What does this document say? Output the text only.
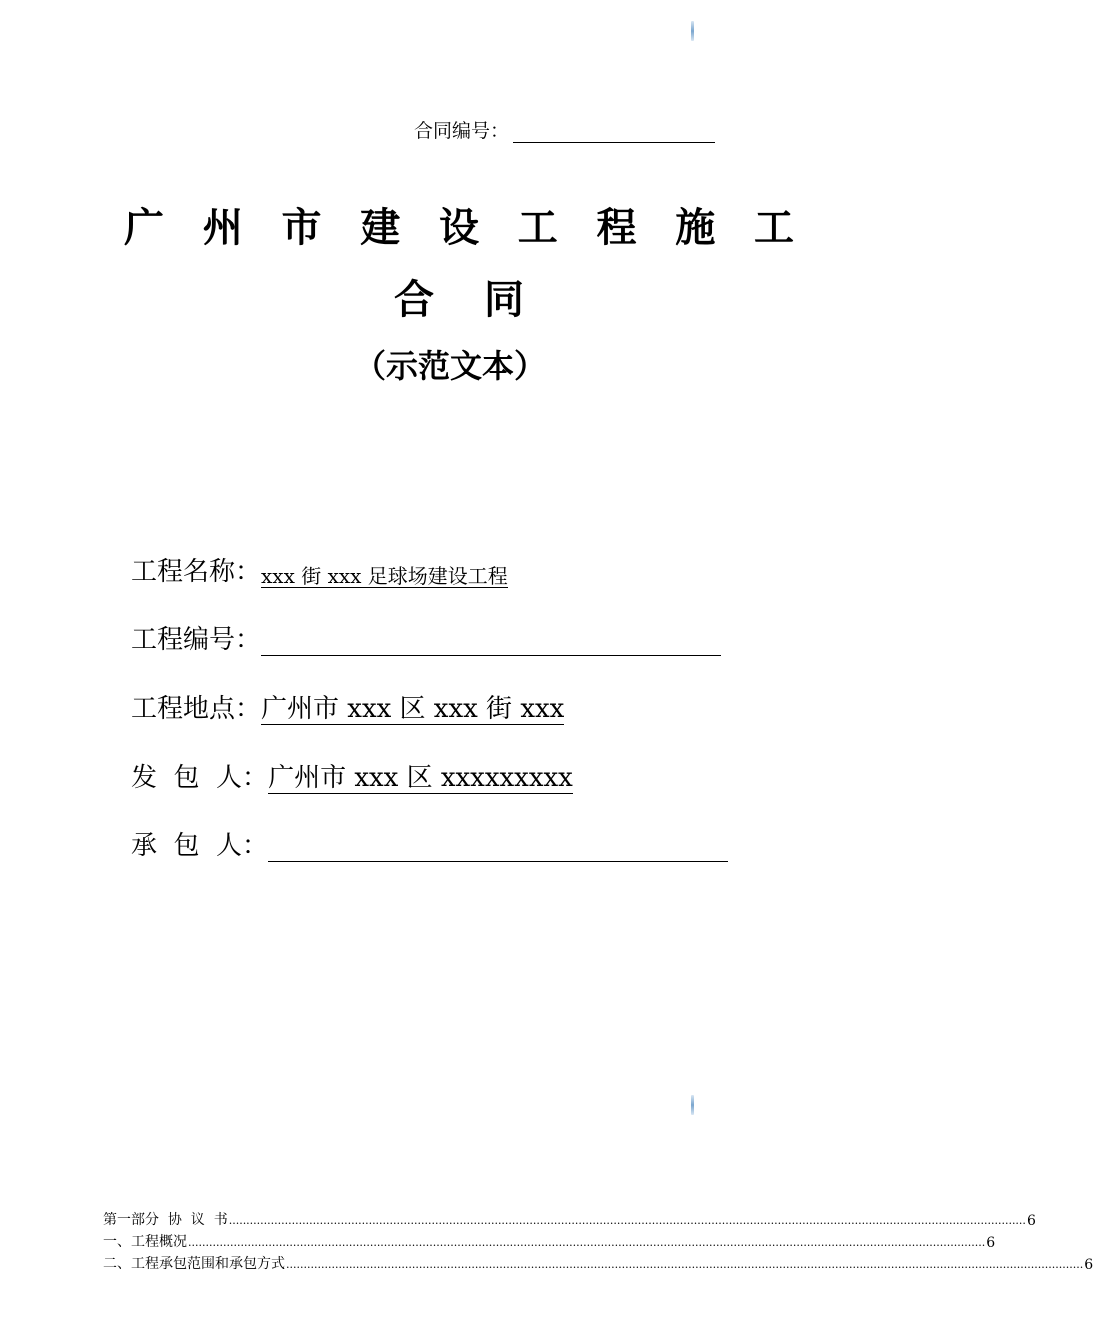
合同编号：
广 州 市 建 设 工 程 施 工
合 同
（示范文本）
工程名称： xxx 街 xxx 足球场建设工程
工程编号：
工程地点： 广州市 xxx 区 xxx 街 xxx
发  包  人： 广州市 xxx 区 xxxxxxxxx
承  包  人：
第一部分  协  议  书 .................................................................................................................................................................................................................................... 6
一、工程概况 .................................................................................................................................................................................................................................... 6
二、工程承包范围和承包方式 .................................................................................................................................................................................................................................... 6
